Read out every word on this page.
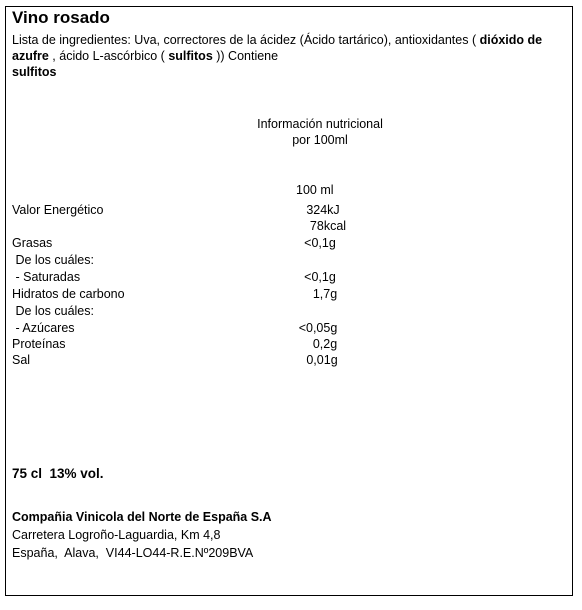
Vino rosado
Lista de ingredientes: Uva, correctores de la ácidez (Ácido tartárico), antioxidantes ( dióxido de azufre , ácido L-ascórbico ( sulfitos )) Contiene
sulfitos
Información nutricional
por 100ml
100 ml
Valor Energético	324kJ
78kcal
Grasas	<0,1g
De los cuáles:
- Saturadas	<0,1g
Hidratos de carbono	1,7g
De los cuáles:
- Azúcares	<0,05g
Proteínas	0,2g
Sal	0,01g
75 cl  13% vol.
Compañia Vinicola del Norte de España S.A
Carretera Logroño-Laguardia, Km 4,8
España,  Alava,  VI44-LO44-R.E.Nº209BVA
